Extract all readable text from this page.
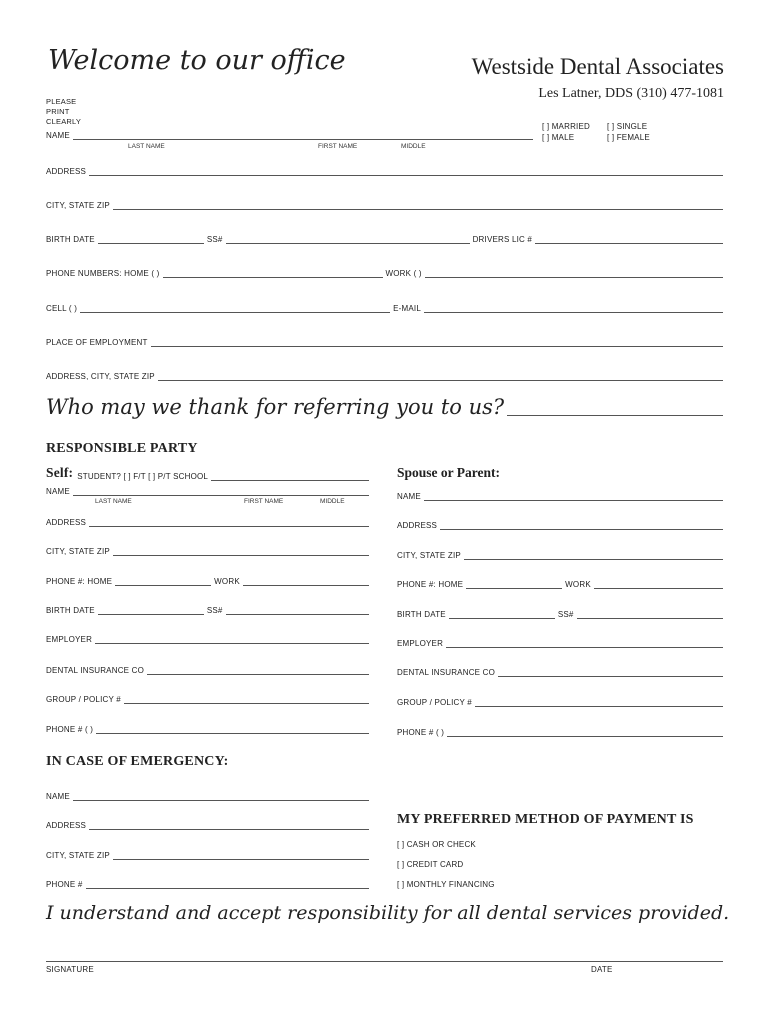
Welcome to our office	Westside Dental Associates
Les Latner, DDS (310) 477-1081
PLEASE
PRINT
CLEARLY
NAME
LAST NAME	FIRST NAME	MIDDLE
[ ] MARRIED [ ] SINGLE
[ ] MALE	[ ] FEMALE
ADDRESS
CITY, STATE ZIP
BIRTH DATE	SS#	DRIVERS LIC #
PHONE NUMBERS: HOME ( )	WORK ( )
CELL ( )	E-MAIL
PLACE OF EMPLOYMENT
ADDRESS, CITY, STATE ZIP
Who may we thank for referring you to us?
RESPONSIBLE PARTY
Self: STUDENT? [ ] F/T [ ] P/T SCHOOL	Spouse or Parent:
NAME
LAST NAME	FIRST NAME	MIDDLE
ADDRESS
CITY, STATE ZIP
PHONE #: HOME	WORK
BIRTH DATE	SS#
EMPLOYER
DENTAL INSURANCE CO
GROUP / POLICY #
PHONE # ( )
NAME
ADDRESS
CITY, STATE ZIP
PHONE #: HOME	WORK
BIRTH DATE	SS#
EMPLOYER
DENTAL INSURANCE CO
GROUP / POLICY #
PHONE # ( )
IN CASE OF EMERGENCY:
NAME
ADDRESS
CITY, STATE ZIP
PHONE #
MY PREFERRED METHOD OF PAYMENT IS
[ ] CASH OR CHECK
[ ] CREDIT CARD
[ ] MONTHLY FINANCING
I understand and accept responsibility for all dental services provided.
SIGNATURE	DATE
